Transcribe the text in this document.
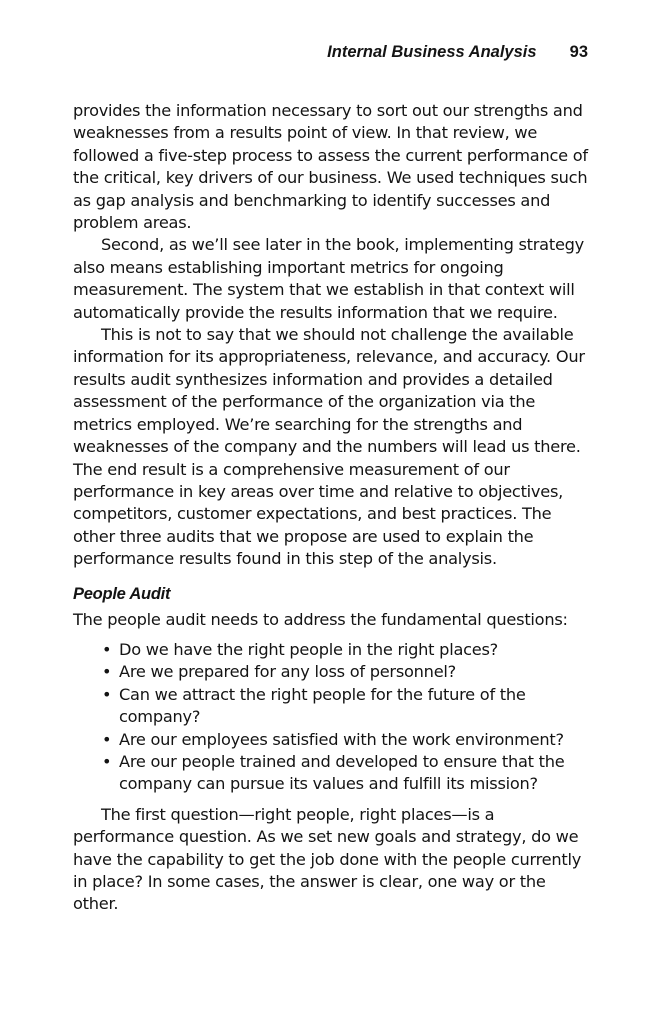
Internal Business Analysis 93

provides the information necessary to sort out our strengths and weaknesses from a results point of view. In that review, we followed a five-step process to assess the current performance of the critical, key drivers of our business. We used techniques such as gap analysis and benchmarking to identify successes and problem areas.

Second, as we’ll see later in the book, implementing strategy also means establishing important metrics for ongoing measurement. The system that we establish in that context will automatically provide the results information that we require.

This is not to say that we should not challenge the available information for its appropriateness, relevance, and accuracy. Our results audit synthesizes information and provides a detailed assessment of the performance of the organization via the metrics employed. We’re searching for the strengths and weaknesses of the company and the numbers will lead us there. The end result is a comprehensive measurement of our performance in key areas over time and relative to objectives, competitors, customer expectations, and best practices. The other three audits that we propose are used to explain the performance results found in this step of the analysis.

People Audit

The people audit needs to address the fundamental questions:

• Do we have the right people in the right places?
• Are we prepared for any loss of personnel?
• Can we attract the right people for the future of the company?
• Are our employees satisfied with the work environment?
• Are our people trained and developed to ensure that the company can pursue its values and fulfill its mission?

The first question—right people, right places—is a performance question. As we set new goals and strategy, do we have the capability to get the job done with the people currently in place? In some cases, the answer is clear, one way or the other.
